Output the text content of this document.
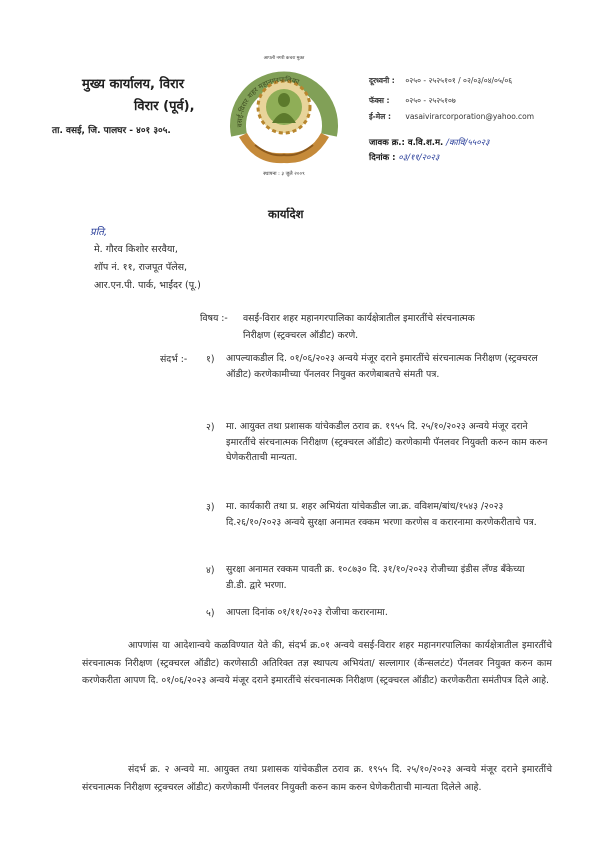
मुख्य कार्यालय, विरार
विरार (पूर्व),
ता. वसई, जि. पालघर - ४०१ ३०५.
वसई-विरार शहर महानगरपालिका
आपली नगरी कचरा मुक्त
स्थापना : ३ जुलै २००९
दूरध्वनी : ०२५० - २५२५१०१ / ०२/०३/०४/०५/०६
फॅक्स : ०२५० - २५२५१०७
ई-मेल : vasaivirarcorporation@yahoo.com
जावक क्र.: व.वि.श.म. /कावि/५५०२३
दिनांक : ०३/११/२०२३
कार्यादेश
प्रति,
मे. गौरव किशोर सरवैया,
शॉप नं. ११, राजपूत पॅलेस,
आर.एन.पी. पार्क, भाईंदर (पू.)
विषय :- वसई-विरार शहर महानगरपालिका कार्यक्षेत्रातील इमारतींचे संरचनात्मक
निरीक्षण (स्ट्रक्चरल ऑडीट) करणे.
संदर्भ :- १) आपल्याकडील दि. ०१/०६/२०२३ अन्वये मंजूर दराने इमारतींचे संरचनात्मक निरीक्षण (स्ट्रक्चरल ऑडीट) करणेकामीच्या पॅनलवर नियुक्त करणेबाबतचे संमती पत्र.
२) मा. आयुक्त तथा प्रशासक यांचेकडील ठराव क्र. १९५५ दि. २५/१०/२०२३ अन्वये मंजूर दराने इमारतींचे संरचनात्मक निरीक्षण (स्ट्रक्चरल ऑडीट) करणेकामी पॅनलवर नियुक्ती करुन काम करुन घेणेकरीताची मान्यता.
३) मा. कार्यकारी तथा प्र. शहर अभियंता यांचेकडील जा.क्र. वविशम/बांध/१५४३ /२०२३ दि.२६/१०/२०२३ अन्वये सुरक्षा अनामत रक्कम भरणा करणेस व करारनामा करणेकरीताचे पत्र.
४) सुरक्षा अनामत रक्कम पावती क्र. १०८७३० दि. ३१/१०/२०२३ रोजीच्या इंडीस लँण्ड बँकेच्या डी.डी. द्वारे भरणा.
५) आपला दिनांक ०१/११/२०२३ रोजीचा करारनामा.
आपणांस या आदेशान्वये कळविण्यात येते की, संदर्भ क्र.०१ अन्वये वसई-विरार शहर महानगरपालिका कार्यक्षेत्रातील इमारतींचे संरचनात्मक निरीक्षण (स्ट्रक्चरल ऑडीट) करणेसाठी अतिरिक्त तज्ञ स्थापत्य अभियंता/ सल्लागार (कॅन्सलटंट) पॅनलवर नियुक्त करुन काम करणेकरीता आपण दि. ०१/०६/२०२३ अन्वये मंजूर दराने इमारतींचे संरचनात्मक निरीक्षण (स्ट्रक्चरल ऑडीट) करणेकरीता समंतीपत्र दिले आहे.
संदर्भ क्र. २ अन्वये मा. आयुक्त तथा प्रशासक यांचेकडील ठराव क्र. १९५५ दि. २५/१०/२०२३ अन्वये मंजूर दराने इमारतींचे संरचनात्मक निरीक्षण स्ट्रक्चरल ऑडीट) करणेकामी पॅनलवर नियुक्ती करुन काम करुन घेणेकरीताची मान्यता दिलेले आहे.
